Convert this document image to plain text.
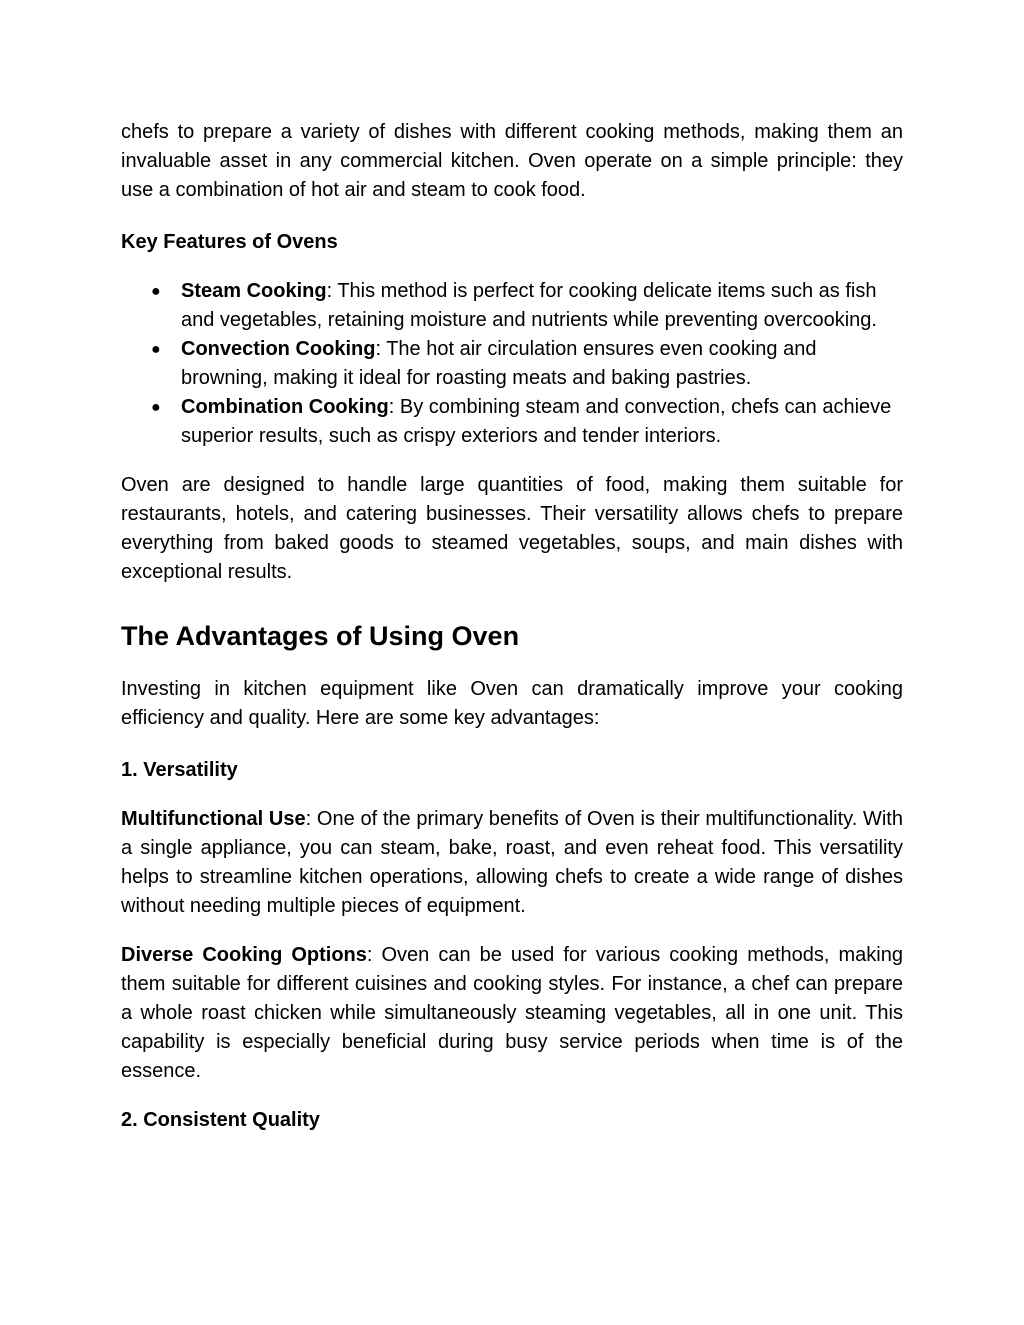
chefs to prepare a variety of dishes with different cooking methods, making them an invaluable asset in any commercial kitchen. Oven operate on a simple principle: they use a combination of hot air and steam to cook food.

Key Features of Ovens
● Steam Cooking: This method is perfect for cooking delicate items such as fish and vegetables, retaining moisture and nutrients while preventing overcooking.
● Convection Cooking: The hot air circulation ensures even cooking and browning, making it ideal for roasting meats and baking pastries.
● Combination Cooking: By combining steam and convection, chefs can achieve superior results, such as crispy exteriors and tender interiors.

Oven are designed to handle large quantities of food, making them suitable for restaurants, hotels, and catering businesses. Their versatility allows chefs to prepare everything from baked goods to steamed vegetables, soups, and main dishes with exceptional results.

The Advantages of Using Oven

Investing in kitchen equipment like Oven can dramatically improve your cooking efficiency and quality. Here are some key advantages:

1. Versatility

Multifunctional Use: One of the primary benefits of Oven is their multifunctionality. With a single appliance, you can steam, bake, roast, and even reheat food. This versatility helps to streamline kitchen operations, allowing chefs to create a wide range of dishes without needing multiple pieces of equipment.

Diverse Cooking Options: Oven can be used for various cooking methods, making them suitable for different cuisines and cooking styles. For instance, a chef can prepare a whole roast chicken while simultaneously steaming vegetables, all in one unit. This capability is especially beneficial during busy service periods when time is of the essence.

2. Consistent Quality
